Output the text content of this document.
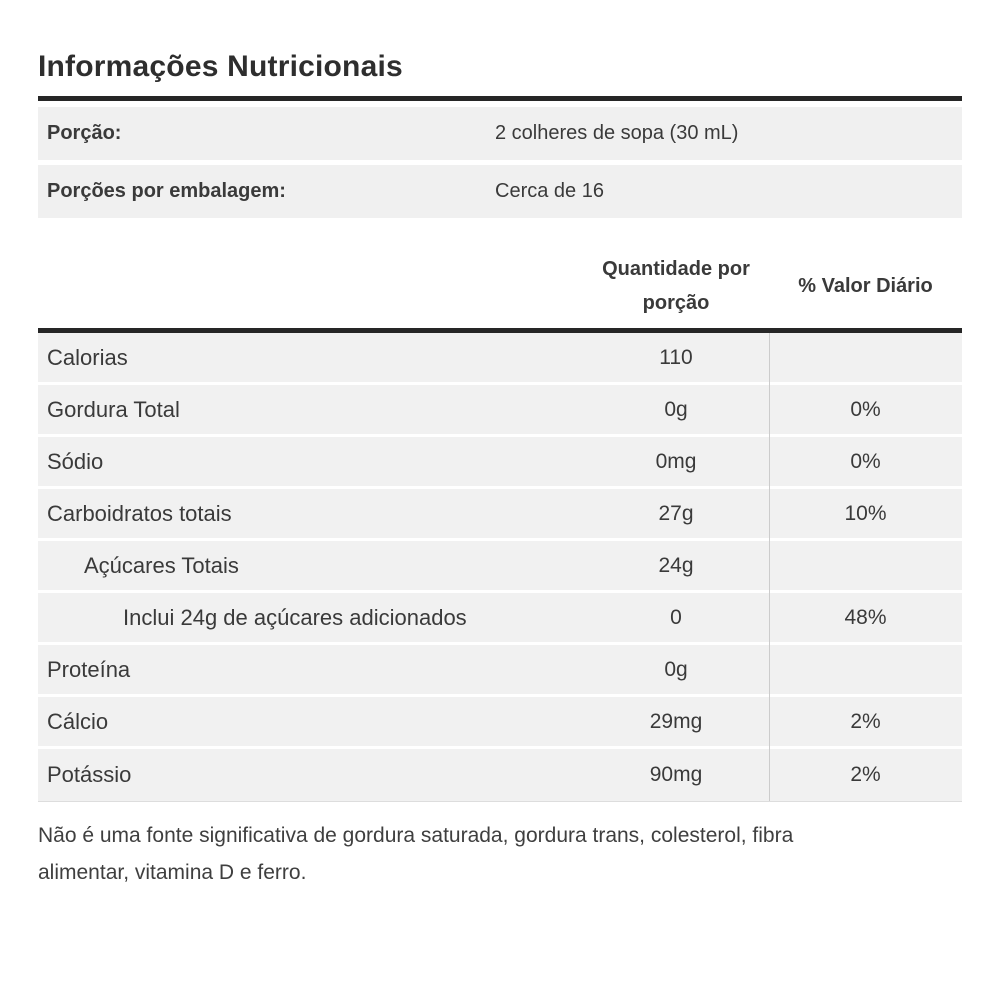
Informações Nutricionais
Porção:	2 colheres de sopa (30 mL)
Porções por embalagem:	Cerca de 16
Quantidade por porção
% Valor Diário
Calorias	110
Gordura Total	0g	0%
Sódio	0mg	0%
Carboidratos totais	27g	10%
Açúcares Totais	24g
Inclui 24g de açúcares adicionados	0	48%
Proteína	0g
Cálcio	29mg	2%
Potássio	90mg	2%

Não é uma fonte significativa de gordura saturada, gordura trans, colesterol, fibra alimentar, vitamina D e ferro.
